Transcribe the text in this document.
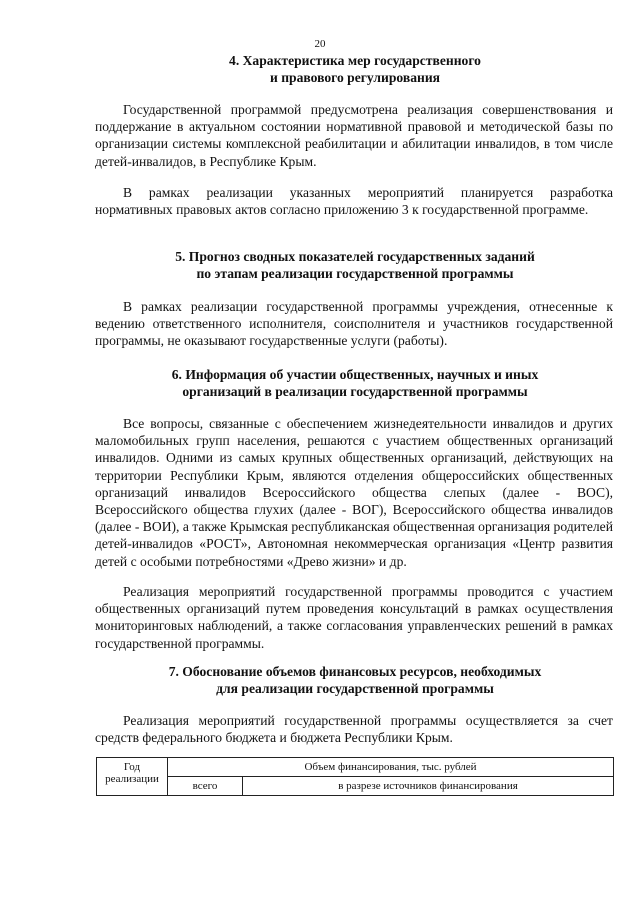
20
4. Характеристика мер государственного
и правового регулирования
Государственной программой предусмотрена реализация совершенствования и поддержание в актуальном состоянии нормативной правовой и методической базы по организации системы комплексной реабилитации и абилитации инвалидов, в том числе детей-инвалидов, в Республике Крым.
В рамках реализации указанных мероприятий планируется разработка нормативных правовых актов согласно приложению 3 к государственной программе.
5. Прогноз сводных показателей государственных заданий
по этапам реализации государственной программы
В рамках реализации государственной программы учреждения, отнесенные к ведению ответственного исполнителя, соисполнителя и участников государственной программы, не оказывают государственные услуги (работы).
6. Информация об участии общественных, научных и иных
организаций в реализации государственной программы
Все вопросы, связанные с обеспечением жизнедеятельности инвалидов и других маломобильных групп населения, решаются с участием общественных организаций инвалидов. Одними из самых крупных общественных организаций, действующих на территории Республики Крым, являются отделения общероссийских общественных организаций инвалидов Всероссийского общества слепых (далее - ВОС), Всероссийского общества глухих (далее - ВОГ), Всероссийского общества инвалидов (далее - ВОИ), а также Крымская республиканская общественная организация родителей детей-инвалидов «РОСТ», Автономная некоммерческая организация «Центр развития детей с особыми потребностями «Древо жизни» и др.
Реализация мероприятий государственной программы проводится с участием общественных организаций путем проведения консультаций в рамках осуществления мониторинговых наблюдений, а также согласования управленческих решений в рамках государственной программы.
7. Обоснование объемов финансовых ресурсов, необходимых
для реализации государственной программы
Реализация мероприятий государственной программы осуществляется за счет средств федерального бюджета и бюджета Республики Крым.
Год
реализации	Объем финансирования, тыс. рублей	
	всего	в разрезе источников финансирования
